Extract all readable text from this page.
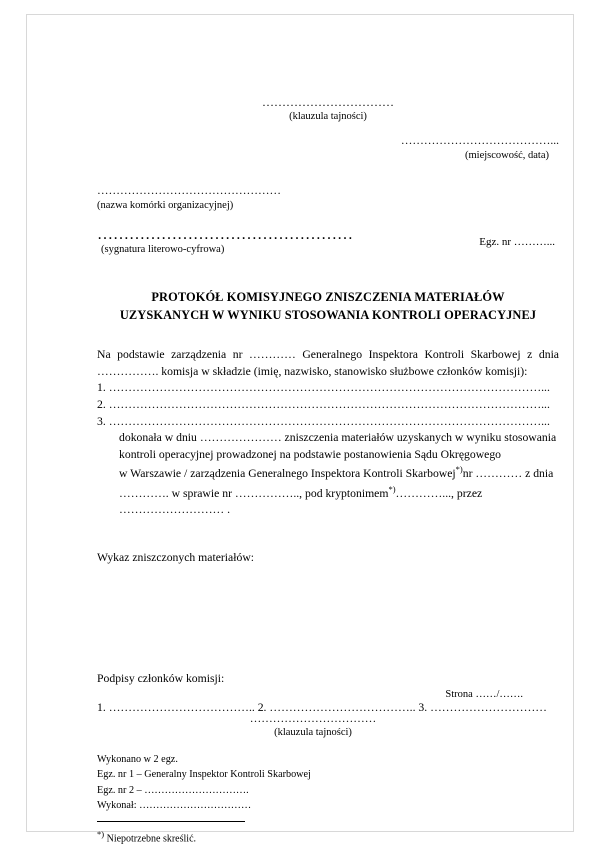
……………………………
(klauzula tajności)
…………………………………...
(miejscowość, data)
…………………………………………
(nazwa komórki organizacyjnej)
…………………………………………
(sygnatura literowo-cyfrowa)
Egz. nr ………...
PROTOKÓŁ KOMISYJNEGO ZNISZCZENIA MATERIAŁÓW
UZYSKANYCH W WYNIKU STOSOWANIA KONTROLI OPERACYJNEJ

Na podstawie zarządzenia nr ………… Generalnego Inspektora Kontroli Skarbowej z dnia ……………. komisja w składzie (imię, nazwisko, stanowisko służbowe członków komisji):

1. …………………………………………………………………………………………………...

2. …………………………………………………………………………………………………...

3. …………………………………………………………………………………………………...

dokonała w dniu ………………… zniszczenia materiałów uzyskanych w wyniku stosowania
kontroli operacyjnej prowadzonej na podstawie postanowienia Sądu Okręgowego
w Warszawie / zarządzenia Generalnego Inspektora Kontroli Skarbowej*)nr ………… z dnia
…………. w sprawie nr …………….., pod kryptonimem*)…………..., przez
……………………… .

Wykaz zniszczonych materiałów:
Podpisy członków komisji:
1. ……………………………….. 2. ……………………………….. 3. …………………………
Wykonano w 2 egz.
Egz. nr 1 – Generalny Inspektor Kontroli Skarbowej
Egz. nr 2 – ………………………….
Wykonał: ……………………………
*) Niepotrzebne skreślić.
Strona ……/…….
……………………………
(klauzula tajności)
